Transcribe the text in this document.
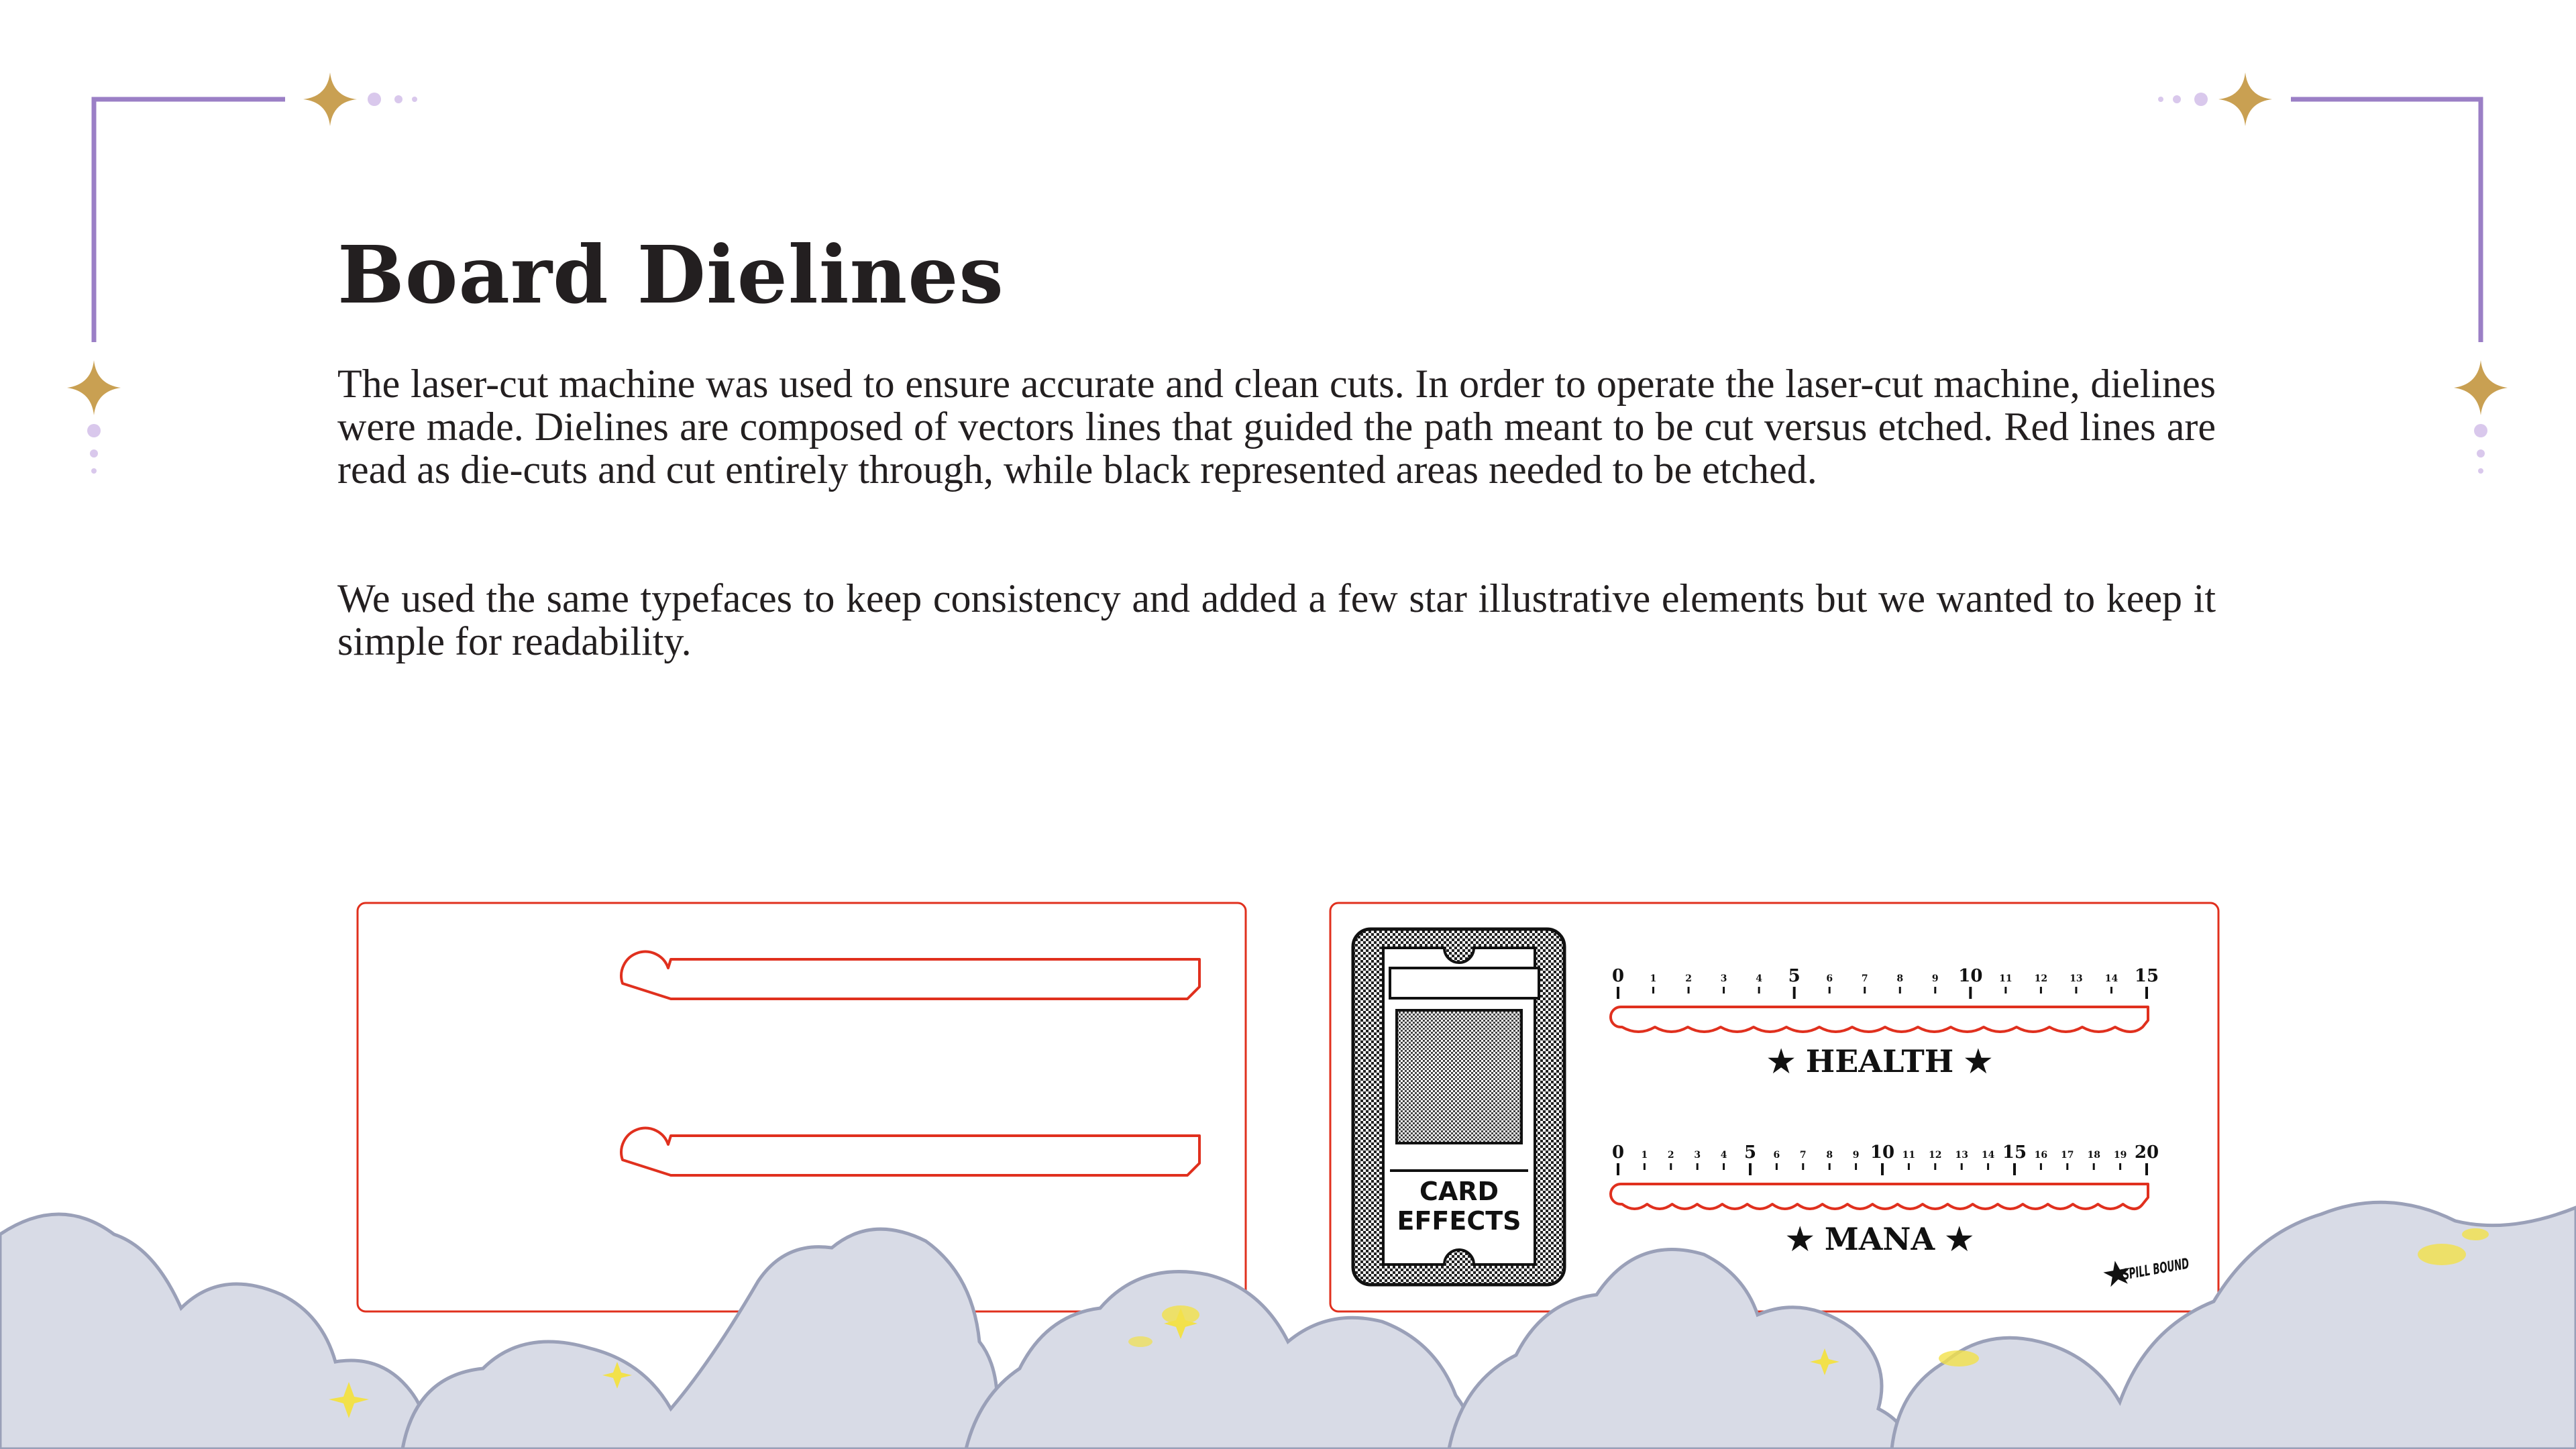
Board Dielines

The laser-cut machine was used to ensure accurate and clean cuts. In order to operate the laser-cut machine, dielines were made. Dielines are composed of vectors lines that guided the path meant to be cut versus etched. Red lines are read as die-cuts and cut entirely through, while black represented areas needed to be etched.

We used the same typefaces to keep consistency and added a few star illustrative elements but we wanted to keep it simple for readability.

CARD
EFFECTS
0	1	2	3	4 5	6	7	8	9 10 11 12 13 14 15
★ HEALTH ★
0 1 2 3 4 5 6 7 8 9 10 11 12 13 14 15 16 17 18 19 20
★ MANA ★
SPILL BOUND
